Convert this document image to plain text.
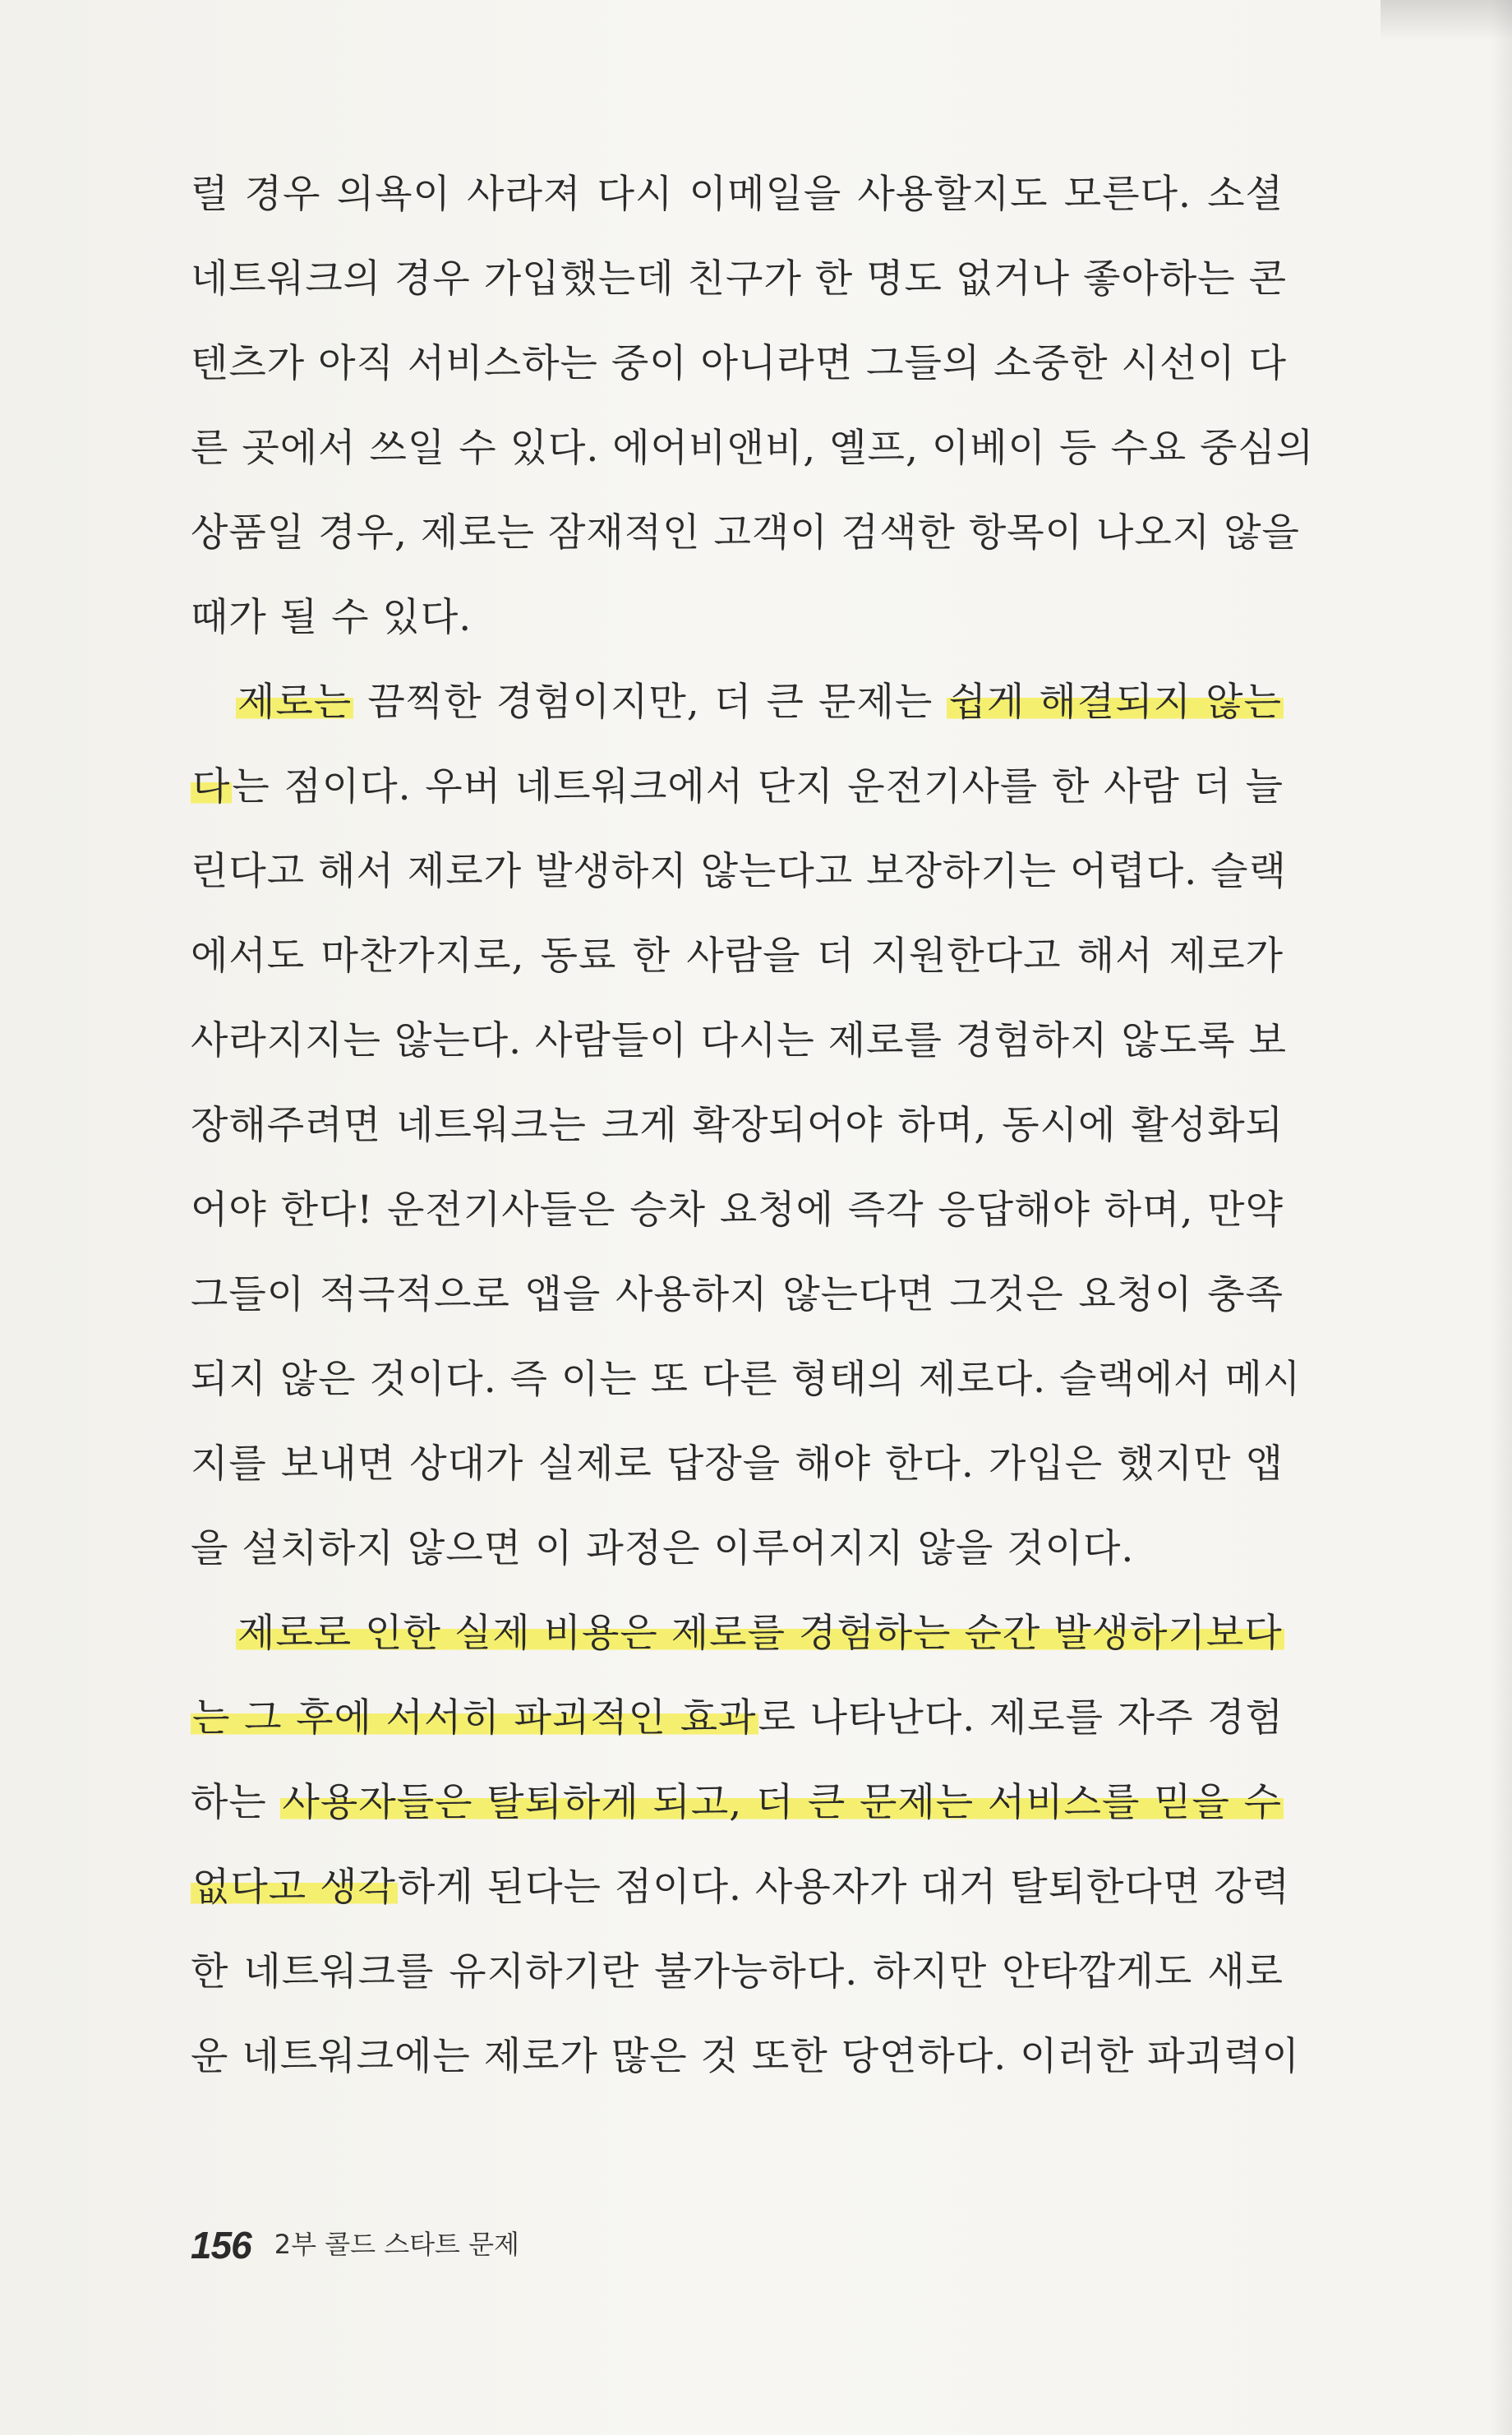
럴 경우 의욕이 사라져 다시 이메일을 사용할지도 모른다. 소셜
네트워크의 경우 가입했는데 친구가 한 명도 없거나 좋아하는 콘
텐츠가 아직 서비스하는 중이 아니라면 그들의 소중한 시선이 다
른 곳에서 쓰일 수 있다. 에어비앤비, 옐프, 이베이 등 수요 중심의
상품일 경우, 제로는 잠재적인 고객이 검색한 항목이 나오지 않을
때가 될 수 있다.
제로는 끔찍한 경험이지만, 더 큰 문제는 쉽게 해결되지 않는
다는 점이다. 우버 네트워크에서 단지 운전기사를 한 사람 더 늘
린다고 해서 제로가 발생하지 않는다고 보장하기는 어렵다. 슬랙
에서도 마찬가지로, 동료 한 사람을 더 지원한다고 해서 제로가
사라지지는 않는다. 사람들이 다시는 제로를 경험하지 않도록 보
장해주려면 네트워크는 크게 확장되어야 하며, 동시에 활성화되
어야 한다! 운전기사들은 승차 요청에 즉각 응답해야 하며, 만약
그들이 적극적으로 앱을 사용하지 않는다면 그것은 요청이 충족
되지 않은 것이다. 즉 이는 또 다른 형태의 제로다. 슬랙에서 메시
지를 보내면 상대가 실제로 답장을 해야 한다. 가입은 했지만 앱
을 설치하지 않으면 이 과정은 이루어지지 않을 것이다.
제로로 인한 실제 비용은 제로를 경험하는 순간 발생하기보다
는 그 후에 서서히 파괴적인 효과로 나타난다. 제로를 자주 경험
하는 사용자들은 탈퇴하게 되고, 더 큰 문제는 서비스를 믿을 수
없다고 생각하게 된다는 점이다. 사용자가 대거 탈퇴한다면 강력
한 네트워크를 유지하기란 불가능하다. 하지만 안타깝게도 새로
운 네트워크에는 제로가 많은 것 또한 당연하다. 이러한 파괴력이
156 2부 콜드 스타트 문제
